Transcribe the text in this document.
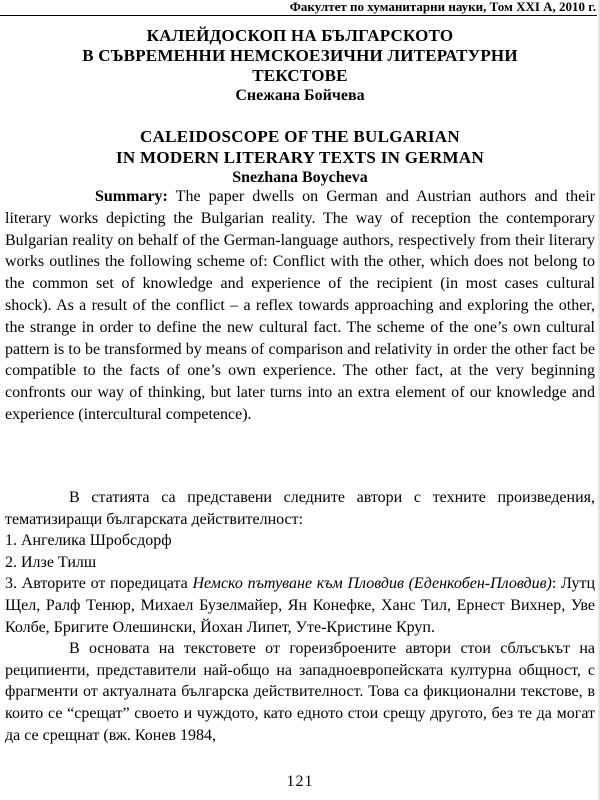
Факултет по хуманитарни науки, Том XXI А, 2010 г.
КАЛЕЙДОСКОП НА БЪЛГАРСКОТО
В СЪВРЕМЕННИ НЕМСКОЕЗИЧНИ ЛИТЕРАТУРНИ
ТЕКСТОВЕ
Снежана Бойчева
CALEIDOSCOPE OF THE BULGARIAN
IN MODERN LITERARY TEXTS IN GERMAN
Snezhana Boycheva

Summary: The paper dwells on German and Austrian authors and their literary works depicting the Bulgarian reality. The way of reception the contemporary Bulgarian reality on behalf of the German-language authors, respectively from their literary works outlines the following scheme of: Conflict with the other, which does not belong to the common set of knowledge and experience of the recipient (in most cases cultural shock). As a result of the conflict – a reflex towards approaching and exploring the other, the strange in order to define the new cultural fact. The scheme of the one’s own cultural pattern is to be transformed by means of comparison and relativity in order the other fact be compatible to the facts of one’s own experience. The other fact, at the very beginning confronts our way of thinking, but later turns into an extra element of our knowledge and experience (intercultural competence).

В статията са представени следните автори с техните произведения, тематизиращи българската действителност:

1. Ангелика Шробсдорф

2. Илзе Тилш

3. Авторите от поредицата Немско пътуване към Пловдив (Еденкобен-Пловдив): Лутц Щел, Ралф Тенюр, Михаел Бузелмайер, Ян Конефке, Ханс Тил, Ернест Вихнер, Уве Колбе, Бригите Олешински, Йохан Липет, Уте-Кристине Круп.

В основата на текстовете от горeизброените автори стои сблъсъкът на реципиенти, представители най-общо на западноевропейската културна общност, с фрагменти от актуалната българска действителност. Това са фикционални текстове, в които се “срещат” своето и чуждото, като едното стои срещу другото, без те да могат да се срещнат (вж. Конев 1984,

121
